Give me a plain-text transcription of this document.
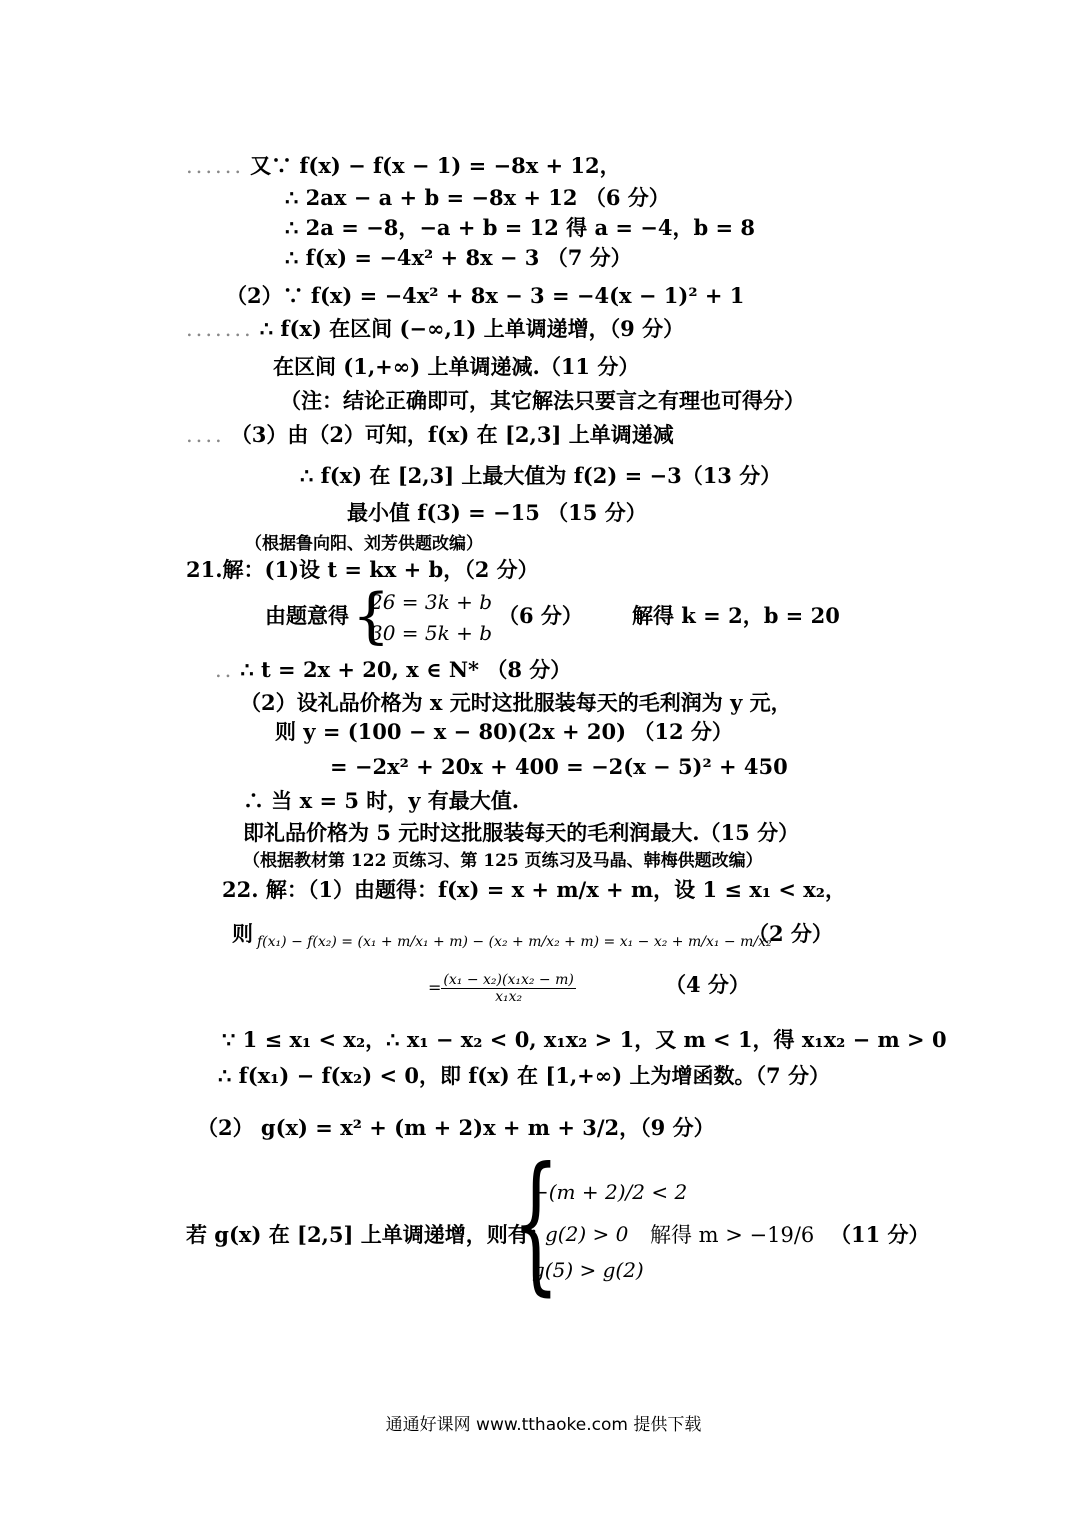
...... 又∵ f(x) − f(x − 1) = −8x + 12，
∴ 2ax − a + b = −8x + 12 （6 分）
∴ 2a = −8，−a + b = 12 得 a = −4，b = 8
∴ f(x) = −4x² + 8x − 3 （7 分）
（2）∵ f(x) = −4x² + 8x − 3 = −4(x − 1)² + 1
....... ∴ f(x) 在区间 (−∞,1) 上单调递增，（9 分）
在区间 (1,+∞) 上单调递减.（11 分）
（注：结论正确即可，其它解法只要言之有理也可得分）
.... （3）由（2）可知，f(x) 在 [2,3] 上单调递减
∴ f(x) 在 [2,3] 上最大值为 f(2) = −3（13 分）
最小值 f(3) = −15 （15 分）
（根据鲁向阳、刘芳供题改编）
21.解：(1)设 t = kx + b，（2 分）
由题意得 {
26 = 3k + b
30 = 5k + b
（6 分） 解得 k = 2，b = 20
.. ∴ t = 2x + 20, x ∈ N* （8 分）
（2）设礼品价格为 x 元时这批服装每天的毛利润为 y 元，
则 y = (100 − x − 80)(2x + 20) （12 分）
= −2x² + 20x + 400 = −2(x − 5)² + 450
∴ 当 x = 5 时，y 有最大值.
即礼品价格为 5 元时这批服装每天的毛利润最大.（15 分）
（根据教材第 122 页练习、第 125 页练习及马晶、韩梅供题改编）
22. 解：（1）由题得：f(x) = x + m/x + m，设 1 ≤ x₁ < x₂，
则 f(x₁) − f(x₂) = (x₁ + m/x₁ + m) − (x₂ + m/x₂ + m) = x₁ − x₂ + m/x₁ − m/x₂
（2 分）
= $\frac{\text{(x₁ − x₂)(x₁x₂ − m)}}{\text{x₁x₂}}$	（4 分）
∵ 1 ≤ x₁ < x₂，∴ x₁ − x₂ < 0, x₁x₂ > 1，又 m < 1，得 x₁x₂ − m > 0
∴ f(x₁) − f(x₂) < 0，即 f(x) 在 [1,+∞) 上为增函数。（7 分）
（2） g(x) = x² + (m + 2)x + m + 3/2，（9 分）
若 g(x) 在 [2,5] 上单调递增，则有：
{
−(m + 2)/2 < 2
g(2) > 0
g(5) > g(2)
解得 m > −19/6 （11 分）
通通好课网 www.tthaoke.com 提供下载
